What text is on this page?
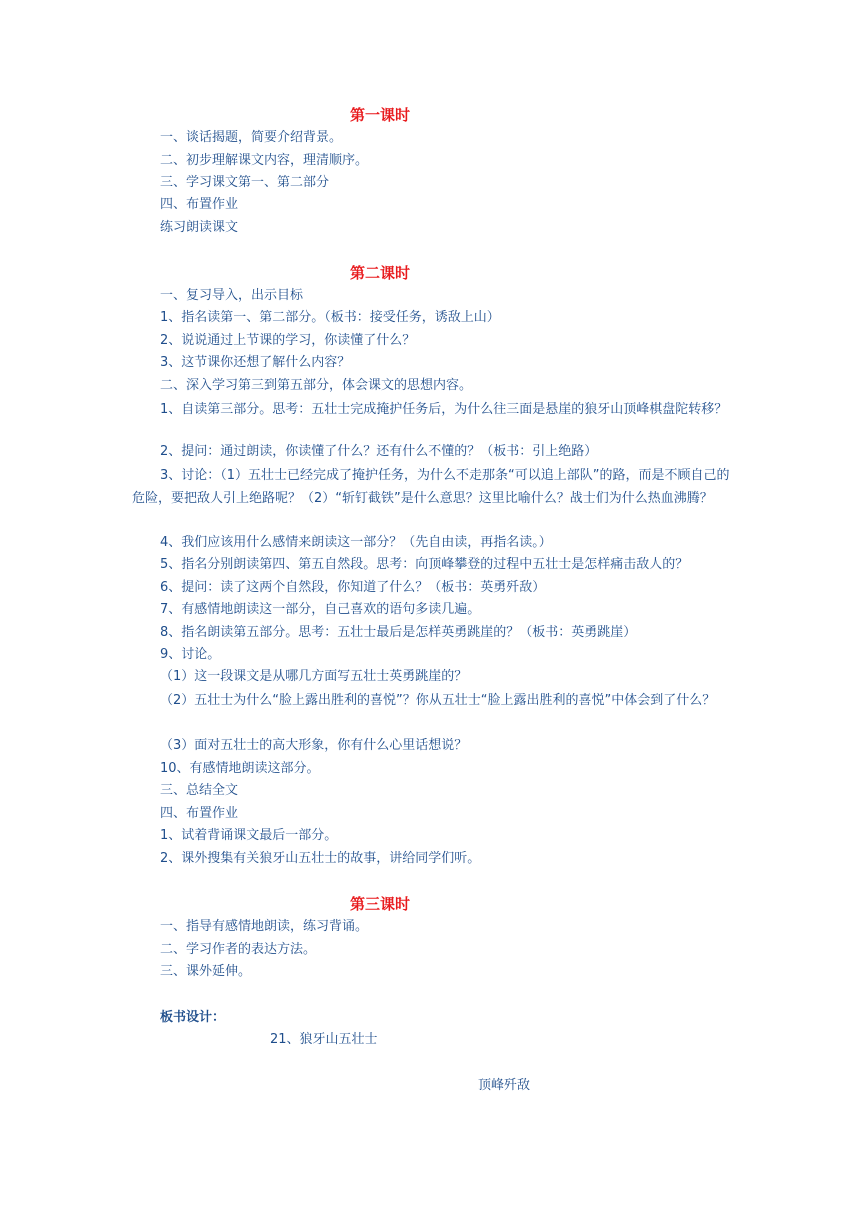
第一课时
一、谈话揭题，简要介绍背景。
二、初步理解课文内容，理清顺序。
三、学习课文第一、第二部分
四、布置作业
练习朗读课文
第二课时
一、复习导入，出示目标
1、指名读第一、第二部分。（板书：接受任务，诱敌上山）
2、说说通过上节课的学习，你读懂了什么？
3、这节课你还想了解什么内容？
二、深入学习第三到第五部分，体会课文的思想内容。
1、自读第三部分。思考：五壮士完成掩护任务后，为什么往三面是悬崖的狼牙山顶峰棋盘陀转移？
2、提问：通过朗读，你读懂了什么？还有什么不懂的？（板书：引上绝路）
3、讨论：（1）五壮士已经完成了掩护任务，为什么不走那条“可以追上部队”的路，而是不顾自己的危险，要把敌人引上绝路呢？（2）“斩钉截铁”是什么意思？这里比喻什么？战士们为什么热血沸腾？
4、我们应该用什么感情来朗读这一部分？（先自由读，再指名读。）
5、指名分别朗读第四、第五自然段。思考：向顶峰攀登的过程中五壮士是怎样痛击敌人的？
6、提问：读了这两个自然段，你知道了什么？（板书：英勇歼敌）
7、有感情地朗读这一部分，自己喜欢的语句多读几遍。
8、指名朗读第五部分。思考：五壮士最后是怎样英勇跳崖的？（板书：英勇跳崖）
9、讨论。
（1）这一段课文是从哪几方面写五壮士英勇跳崖的？
（2）五壮士为什么“脸上露出胜利的喜悦”？你从五壮士“脸上露出胜利的喜悦”中体会到了什么？
（3）面对五壮士的高大形象，你有什么心里话想说？
10、有感情地朗读这部分。
三、总结全文
四、布置作业
1、试着背诵课文最后一部分。
2、课外搜集有关狼牙山五壮士的故事，讲给同学们听。
第三课时
一、指导有感情地朗读，练习背诵。
二、学习作者的表达方法。
三、课外延伸。
板书设计：
21、狼牙山五壮士
顶峰歼敌
